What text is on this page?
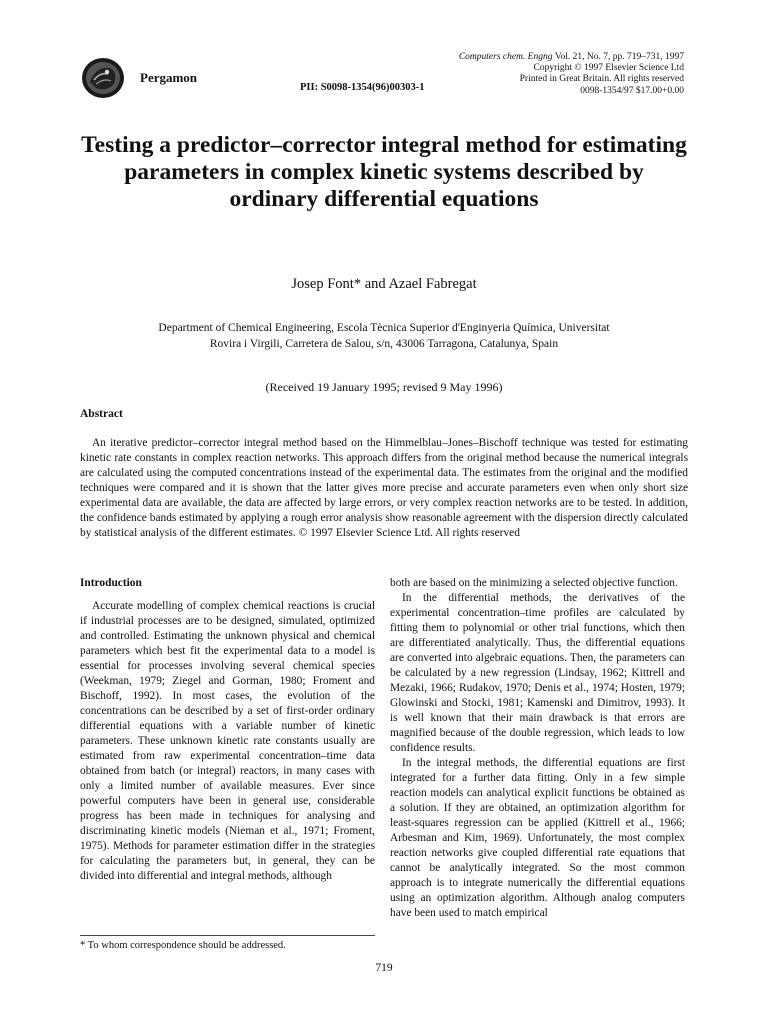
Pergamon
PII: S0098-1354(96)00303-1
Computers chem. Engng Vol. 21, No. 7, pp. 719–731, 1997
Copyright © 1997 Elsevier Science Ltd
Printed in Great Britain. All rights reserved
0098-1354/97 $17.00+0.00
Testing a predictor–corrector integral method for estimating parameters in complex kinetic systems described by ordinary differential equations
Josep Font* and Azael Fabregat
Department of Chemical Engineering, Escola Tècnica Superior d'Enginyeria Química, Universitat
Rovira i Virgili, Carretera de Salou, s/n, 43006 Tarragona, Catalunya, Spain
(Received 19 January 1995; revised 9 May 1996)
Abstract
An iterative predictor–corrector integral method based on the Himmelblau–Jones–Bischoff technique was tested for estimating kinetic rate constants in complex reaction networks. This approach differs from the original method because the numerical integrals are calculated using the computed concentrations instead of the experimental data. The estimates from the original and the modified techniques were compared and it is shown that the latter gives more precise and accurate parameters even when only short size experimental data are available, the data are affected by large errors, or very complex reaction networks are to be tested. In addition, the confidence bands estimated by applying a rough error analysis show reasonable agreement with the dispersion directly calculated by statistical analysis of the different estimates. © 1997 Elsevier Science Ltd. All rights reserved
Introduction

Accurate modelling of complex chemical reactions is crucial if industrial processes are to be designed, simulated, optimized and controlled. Estimating the unknown physical and chemical parameters which best fit the experimental data to a model is essential for processes involving several chemical species (Weekman, 1979; Ziegel and Gorman, 1980; Froment and Bischoff, 1992). In most cases, the evolution of the concentrations can be described by a set of first-order ordinary differential equations with a variable number of kinetic parameters. These unknown kinetic rate constants usually are estimated from raw experimental concentration–time data obtained from batch (or integral) reactors, in many cases with only a limited number of available measures. Ever since powerful computers have been in general use, considerable progress has been made in techniques for analysing and discriminating kinetic models (Nieman et al., 1971; Froment, 1975). Methods for parameter estimation differ in the strategies for calculating the parameters but, in general, they can be divided into differential and integral methods, although

both are based on the minimizing a selected objective function.

In the differential methods, the derivatives of the experimental concentration–time profiles are calculated by fitting them to polynomial or other trial functions, which then are differentiated analytically. Thus, the differential equations are converted into algebraic equations. Then, the parameters can be calculated by a new regression (Lindsay, 1962; Kittrell and Mezaki, 1966; Rudakov, 1970; Denis et al., 1974; Hosten, 1979; Glowinski and Stocki, 1981; Kamenski and Dimitrov, 1993). It is well known that their main drawback is that errors are magnified because of the double regression, which leads to low confidence results.

In the integral methods, the differential equations are first integrated for a further data fitting. Only in a few simple reaction models can analytical explicit functions be obtained as a solution. If they are obtained, an optimization algorithm for least-squares regression can be applied (Kittrell et al., 1966; Arbesman and Kim, 1969). Unfortunately, the most complex reaction networks give coupled differential rate equations that cannot be analytically integrated. So the most common approach is to integrate numerically the differential equations using an optimization algorithm. Although analog computers have been used to match empirical

* To whom correspondence should be addressed.
719
